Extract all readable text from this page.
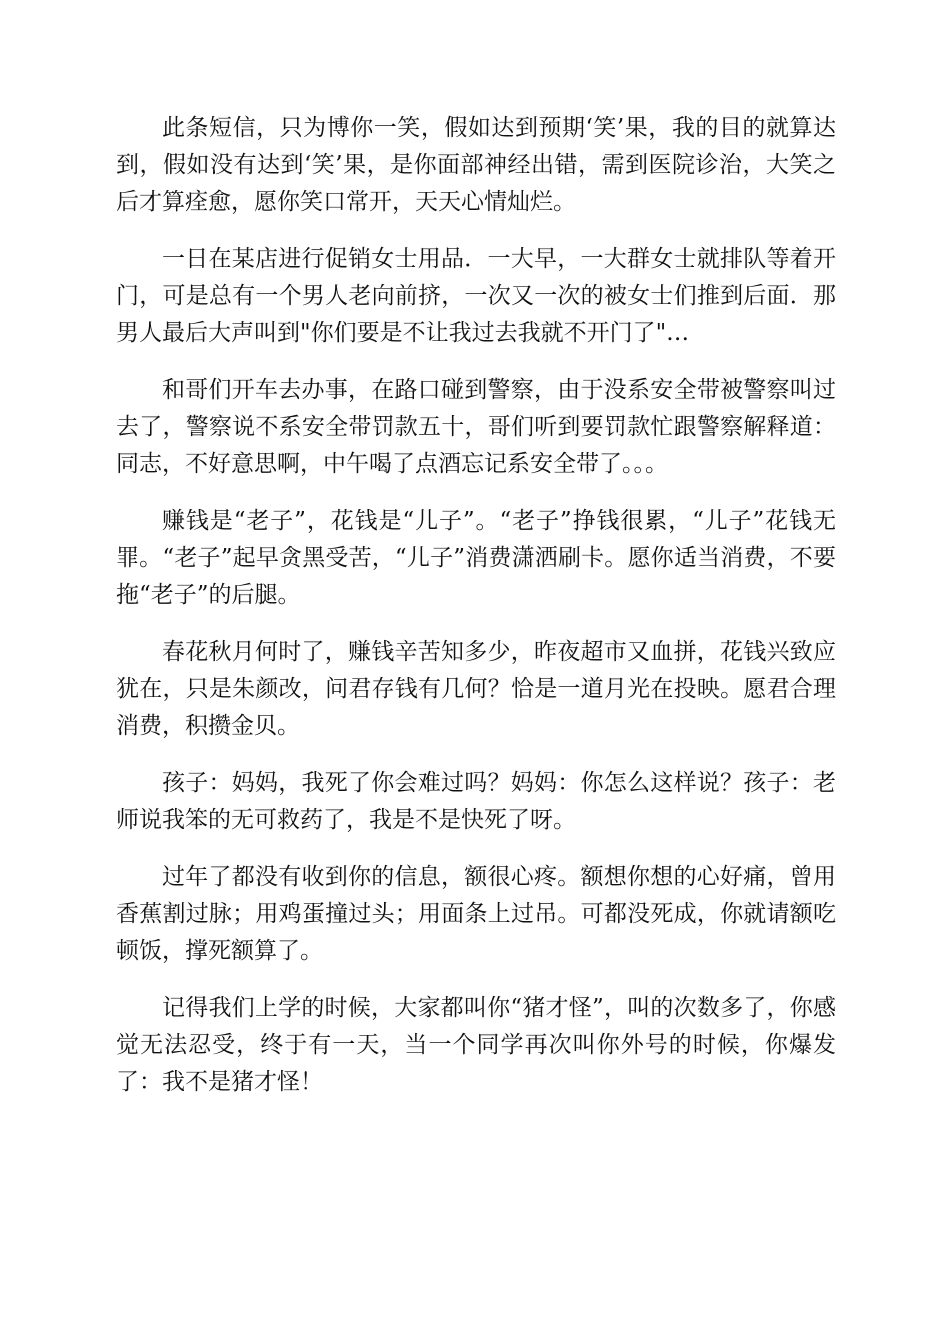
此条短信，只为博你一笑，假如达到预期‘笑’果，我的目的就算达到，假如没有达到‘笑’果，是你面部神经出错，需到医院诊治，大笑之后才算痊愈，愿你笑口常开，天天心情灿烂。

一日在某店进行促销女士用品．一大早，一大群女士就排队等着开门，可是总有一个男人老向前挤，一次又一次的被女士们推到后面．那男人最后大声叫到"你们要是不让我过去我就不开门了"…

和哥们开车去办事，在路口碰到警察，由于没系安全带被警察叫过去了，警察说不系安全带罚款五十，哥们听到要罚款忙跟警察解释道：同志，不好意思啊，中午喝了点酒忘记系安全带了。。。

赚钱是“老子”，花钱是“儿子”。“老子”挣钱很累，“儿子”花钱无罪。“老子”起早贪黑受苦，“儿子”消费潇洒刷卡。愿你适当消费，不要拖“老子”的后腿。

春花秋月何时了，赚钱辛苦知多少，昨夜超市又血拼，花钱兴致应犹在，只是朱颜改，问君存钱有几何？恰是一道月光在投映。愿君合理消费，积攒金贝。

孩子：妈妈，我死了你会难过吗？妈妈：你怎么这样说？孩子：老师说我笨的无可救药了，我是不是快死了呀。

过年了都没有收到你的信息，额很心疼。额想你想的心好痛，曾用香蕉割过脉；用鸡蛋撞过头；用面条上过吊。可都没死成，你就请额吃顿饭，撑死额算了。

记得我们上学的时候，大家都叫你“猪才怪”，叫的次数多了，你感觉无法忍受，终于有一天，当一个同学再次叫你外号的时候，你爆发了：我不是猪才怪！
